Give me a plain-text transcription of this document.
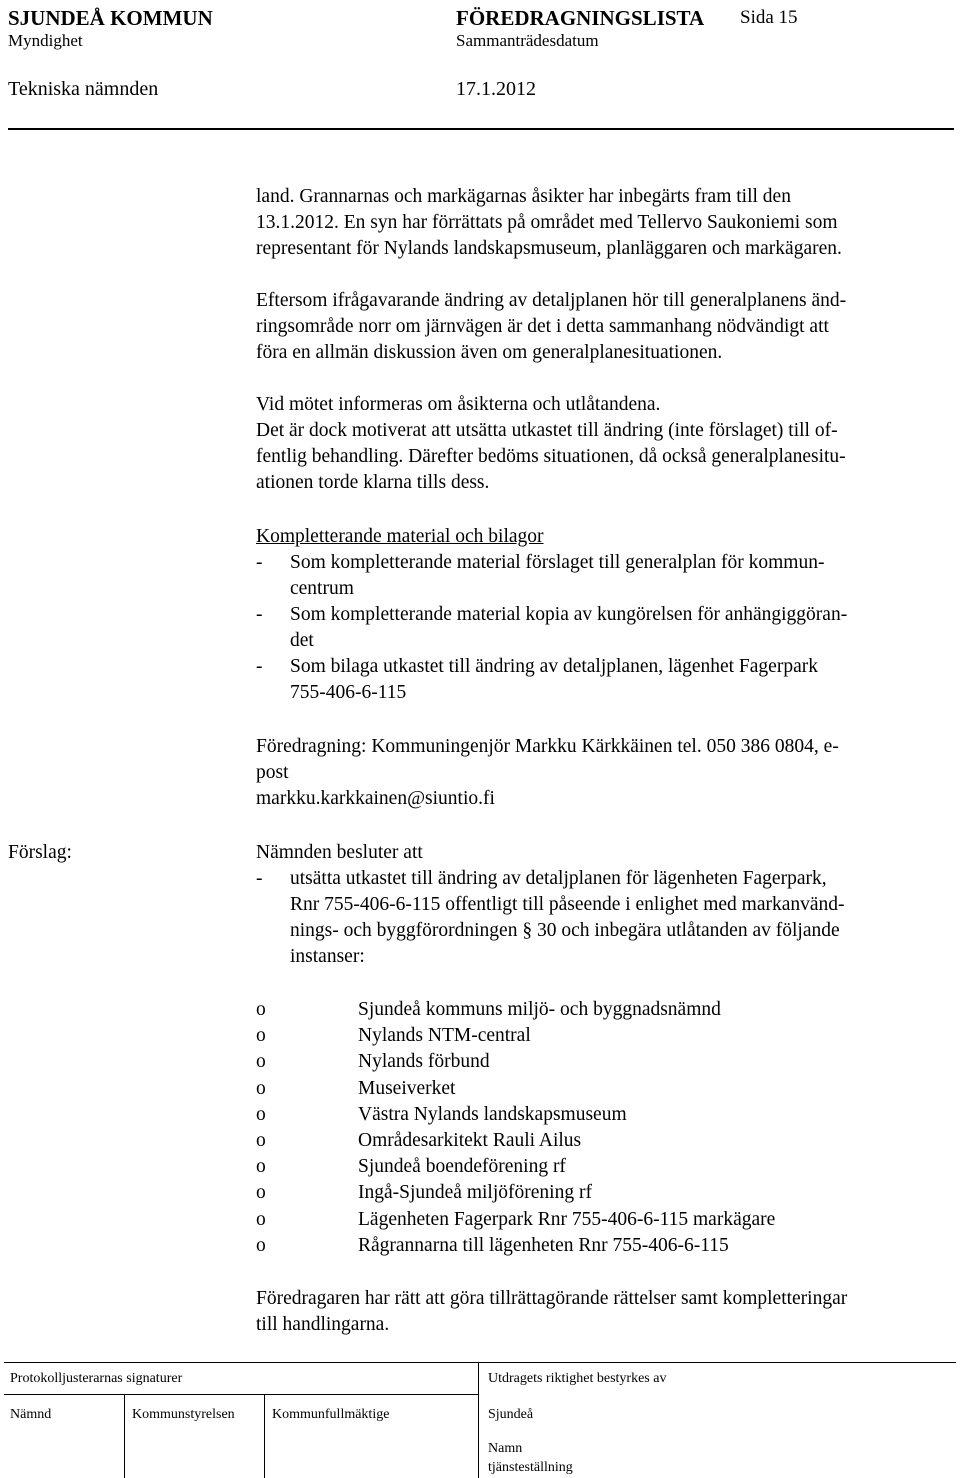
SJUNDEÅ KOMMUN	FÖREDRAGNINGSLISTA Sida 15
Myndighet	Sammanträdesdatum
Tekniska nämnden	17.1.2012

land. Grannarnas och markägarnas åsikter har inbegärts fram till den

13.1.2012. En syn har förrättats på området med Tellervo Saukoniemi som

representant för Nylands landskapsmuseum, planläggaren och markägaren.

Eftersom ifrågavarande ändring av detaljplanen hör till generalplanens änd-

ringsområde norr om järnvägen är det i detta sammanhang nödvändigt att

föra en allmän diskussion även om generalplanesituationen.

Vid mötet informeras om åsikterna och utlåtandena.

Det är dock motiverat att utsätta utkastet till ändring (inte förslaget) till of-

fentlig behandling. Därefter bedöms situationen, då också generalplanesitu-

ationen torde klarna tills dess.

Kompletterande material och bilagor

- Som kompletterande material förslaget till generalplan för kommun-
centrum
- Som kompletterande material kopia av kungörelsen för anhängiggöran-
det
- Som bilaga utkastet till ändring av detaljplanen, lägenhet Fagerpark
755-406-6-115

Föredragning: Kommuningenjör Markku Kärkkäinen tel. 050 386 0804, e-

post

markku.karkkainen@siuntio.fi

Förslag:	Nämnden besluter att

- utsätta utkastet till ändring av detaljplanen för lägenheten Fagerpark,
Rnr 755-406-6-115 offentligt till påseende i enlighet med markanvänd-
nings- och byggförordningen § 30 och inbegära utlåtanden av följande
instanser:
o	Sjundeå kommuns miljö- och byggnadsnämnd
o	Nylands NTM-central
o	Nylands förbund
o	Museiverket
o	Västra Nylands landskapsmuseum
o	Områdesarkitekt Rauli Ailus
o	Sjundeå boendeförening rf
o	Ingå-Sjundeå miljöförening rf
o	Lägenheten Fagerpark Rnr 755-406-6-115 markägare
o	Rågrannarna till lägenheten Rnr 755-406-6-115

Föredragaren har rätt att göra tillrättagörande rättelser samt kompletteringar

till handlingarna.

Protokolljusterarnas signaturer	Utdragets riktighet bestyrkes av
Nämnd	Kommunstyrelsen	Kommunfullmäktige	Sjundeå
Namn
tjänsteställning
